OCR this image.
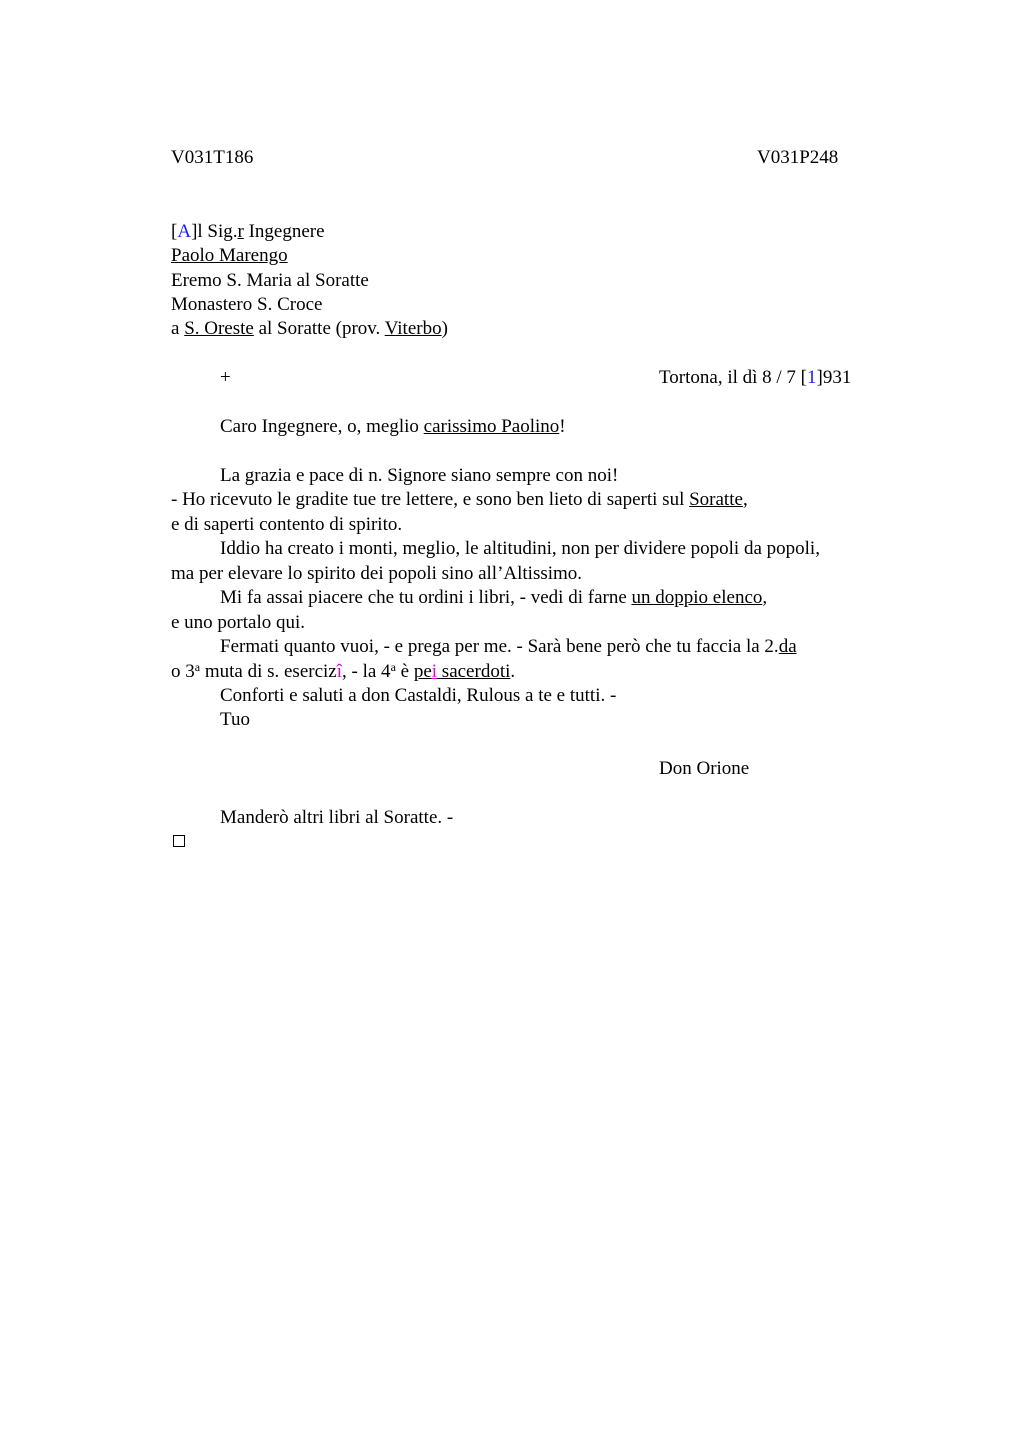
V031T186	V031P248
[A]l Sig.r Ingegnere
Paolo Marengo
Eremo S. Maria al Soratte
Monastero S. Croce
a S. Oreste al Soratte (prov. Viterbo)
+	Tortona, il dì 8 / 7 [1]931
Caro Ingegnere, o, meglio carissimo Paolino!
La grazia e pace di n. Signore siano sempre con noi!
- Ho ricevuto le gradite tue tre lettere, e sono ben lieto di saperti sul Soratte,
e di saperti contento di spirito.
Iddio ha creato i monti, meglio, le altitudini, non per dividere popoli da popoli,
ma per elevare lo spirito dei popoli sino all’Altissimo.
Mi fa assai piacere che tu ordini i libri, - vedi di farne un doppio elenco,
e uno portalo qui.
Fermati quanto vuoi, - e prega per me. - Sarà bene però che tu faccia la 2.da
o 3$^a$ muta di s. esercizî, - la 4$^a$ è pei sacerdoti.
Conforti e saluti a don Castaldi, Rulous a te e tutti. -
Tuo
Don Orione
Manderò altri libri al Soratte. -
